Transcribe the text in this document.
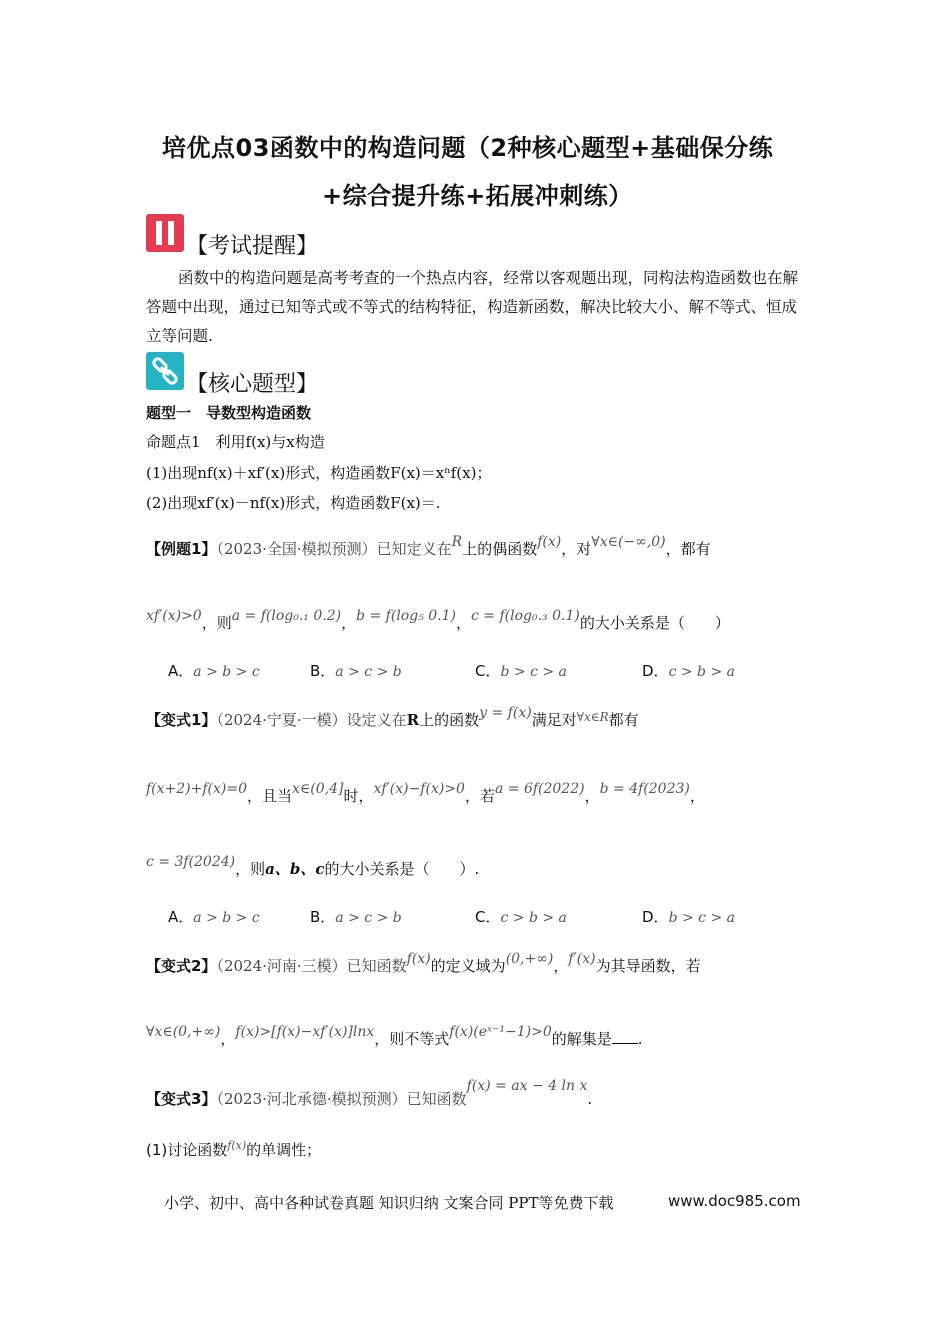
培优点03函数中的构造问题（2种核心题型+基础保分练
+综合提升练+拓展冲刺练）
【考试提醒】
函数中的构造问题是高考考查的一个热点内容，经常以客观题出现，同构法构造函数也在解答题中出现，通过已知等式或不等式的结构特征，构造新函数，解决比较大小、解不等式、恒成立等问题.
【核心题型】
题型一　导数型构造函数
命题点1　利用f(x)与x构造
(1)出现nf(x)＋xf′(x)形式，构造函数F(x)＝xⁿf(x)；
(2)出现xf′(x)－nf(x)形式，构造函数F(x)＝.
【例题1】（2023·全国·模拟预测）已知定义在R上的偶函数f(x)，对∀x∈(−∞,0)，都有
xf′(x)>0，则a = f(log₀.₁ 0.2)，b = f(log₅ 0.1)，c = f(log₀.₃ 0.1)的大小关系是（　　）
A．a > b > c	B．a > c > b	C．b > c > a	D．c > b > a
【变式1】（2024·宁夏·一模）设定义在R上的函数y = f(x)满足对$^{\forall x\in R}$都有
f(x+2)+f(x)=0，且当x∈(0,4]时，xf′(x)−f(x)>0，若a = 6f(2022)，b = 4f(2023)，
c = 3f(2024)，则a、b、c的大小关系是（　　）.
A．a > b > c	B．a > c > b	C．c > b > a	D．b > c > a
【变式2】（2024·河南·三模）已知函数f(x)的定义域为(0,+∞)，f′(x)为其导函数，若
∀x∈(0,+∞)，f(x)>[f(x)−xf′(x)]lnx，则不等式f(x)(eˣ⁻¹−1)>0的解集是 .
【变式3】（2023·河北承德·模拟预测）已知函数f(x) = ax − 4 ln x.
(1)讨论函数$^{f(x)}$的单调性；
小学、初中、高中各种试卷真题 知识归纳 文案合同 PPT等免费下载	www.doc985.com
